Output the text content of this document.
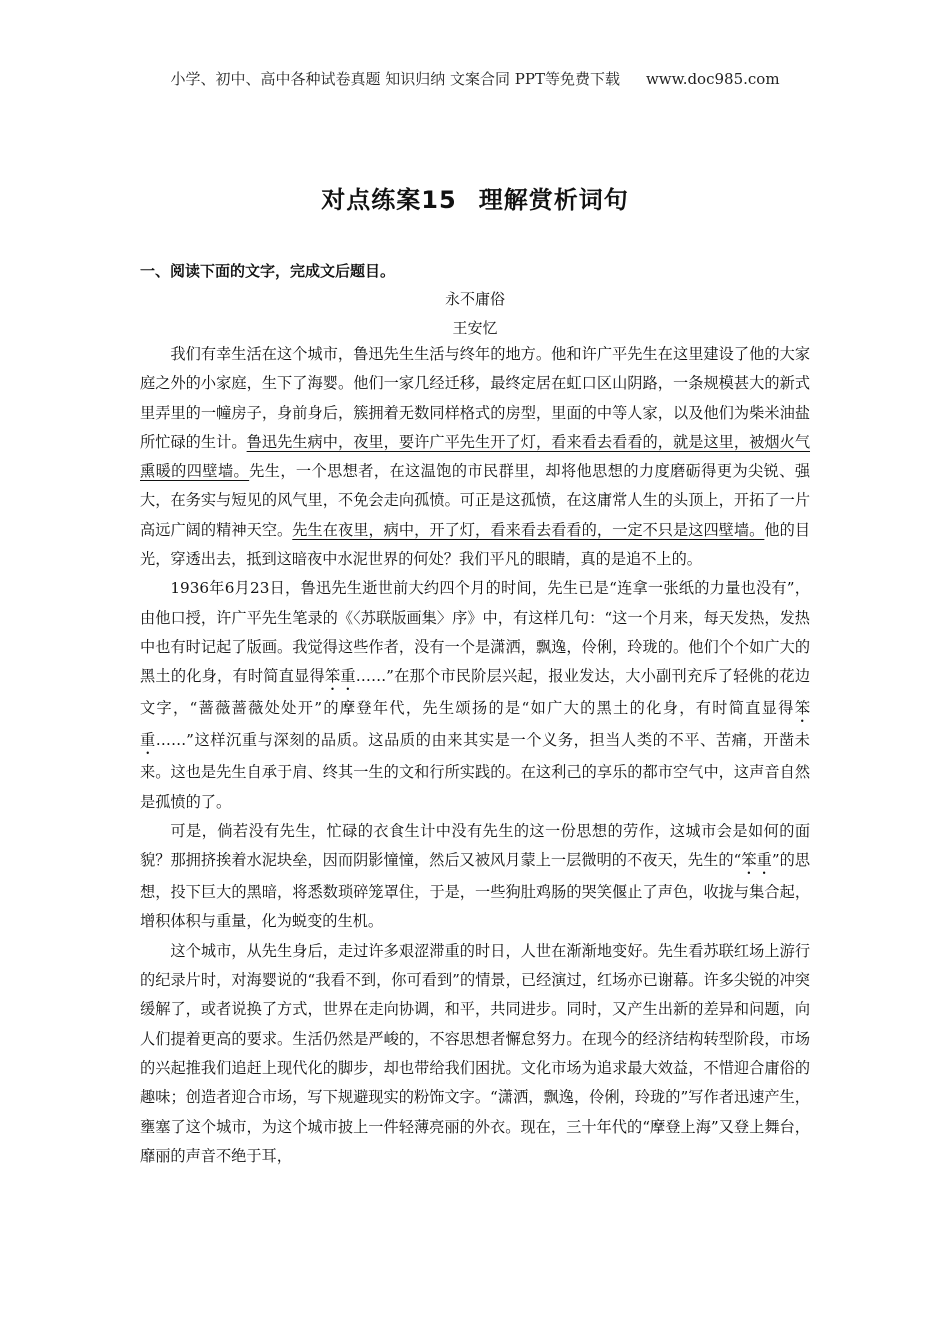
小学、初中、高中各种试卷真题 知识归纳 文案合同 PPT等免费下载 www.doc985.com
对点练案15 理解赏析词句
一、阅读下面的文字，完成文后题目。
永不庸俗
王安忆

我们有幸生活在这个城市，鲁迅先生生活与终年的地方。他和许广平先生在这里建设了他的大家庭之外的小家庭，生下了海婴。他们一家几经迁移，最终定居在虹口区山阴路，一条规模甚大的新式里弄里的一幢房子，身前身后，簇拥着无数同样格式的房型，里面的中等人家，以及他们为柴米油盐所忙碌的生计。鲁迅先生病中，夜里，要许广平先生开了灯，看来看去看看的，就是这里，被烟火气熏暖的四壁墙。先生，一个思想者，在这温饱的市民群里，却将他思想的力度磨砺得更为尖锐、强大，在务实与短见的风气里，不免会走向孤愤。可正是这孤愤，在这庸常人生的头顶上，开拓了一片高远广阔的精神天空。先生在夜里，病中，开了灯，看来看去看看的，一定不只是这四壁墙。他的目光，穿透出去，抵到这暗夜中水泥世界的何处？我们平凡的眼睛，真的是追不上的。

1936年6月23日，鲁迅先生逝世前大约四个月的时间，先生已是“连拿一张纸的力量也没有”，由他口授，许广平先生笔录的《〈苏联版画集〉序》中，有这样几句：“这一个月来，每天发热，发热中也有时记起了版画。我觉得这些作者，没有一个是潇洒，飘逸，伶俐，玲珑的。他们个个如广大的黑土的化身，有时简直显得笨重……”在那个市民阶层兴起，报业发达，大小副刊充斥了轻佻的花边文字，“蔷薇蔷薇处处开”的摩登年代，先生颂扬的是“如广大的黑土的化身，有时简直显得笨重……”这样沉重与深刻的品质。这品质的由来其实是一个义务，担当人类的不平、苦痛，开凿未来。这也是先生自承于肩、终其一生的文和行所实践的。在这利己的享乐的都市空气中，这声音自然是孤愤的了。

可是，倘若没有先生，忙碌的衣食生计中没有先生的这一份思想的劳作，这城市会是如何的面貌？那拥挤挨着水泥块垒，因而阴影憧憧，然后又被风月蒙上一层微明的不夜天，先生的“笨重”的思想，投下巨大的黑暗，将悉数琐碎笼罩住，于是，一些狗肚鸡肠的哭笑偃止了声色，收拢与集合起，增积体积与重量，化为蜕变的生机。

这个城市，从先生身后，走过许多艰涩滞重的时日，人世在渐渐地变好。先生看苏联红场上游行的纪录片时，对海婴说的“我看不到，你可看到”的情景，已经演过，红场亦已谢幕。许多尖锐的冲突缓解了，或者说换了方式，世界在走向协调，和平，共同进步。同时，又产生出新的差异和问题，向人们提着更高的要求。生活仍然是严峻的，不容思想者懈怠努力。在现今的经济结构转型阶段，市场的兴起推我们追赶上现代化的脚步，却也带给我们困扰。文化市场为追求最大效益，不惜迎合庸俗的趣味；创造者迎合市场，写下规避现实的粉饰文字。“潇洒，飘逸，伶俐，玲珑的”写作者迅速产生，壅塞了这个城市，为这个城市披上一件轻薄亮丽的外衣。现在，三十年代的“摩登上海”又登上舞台，靡丽的声音不绝于耳，
